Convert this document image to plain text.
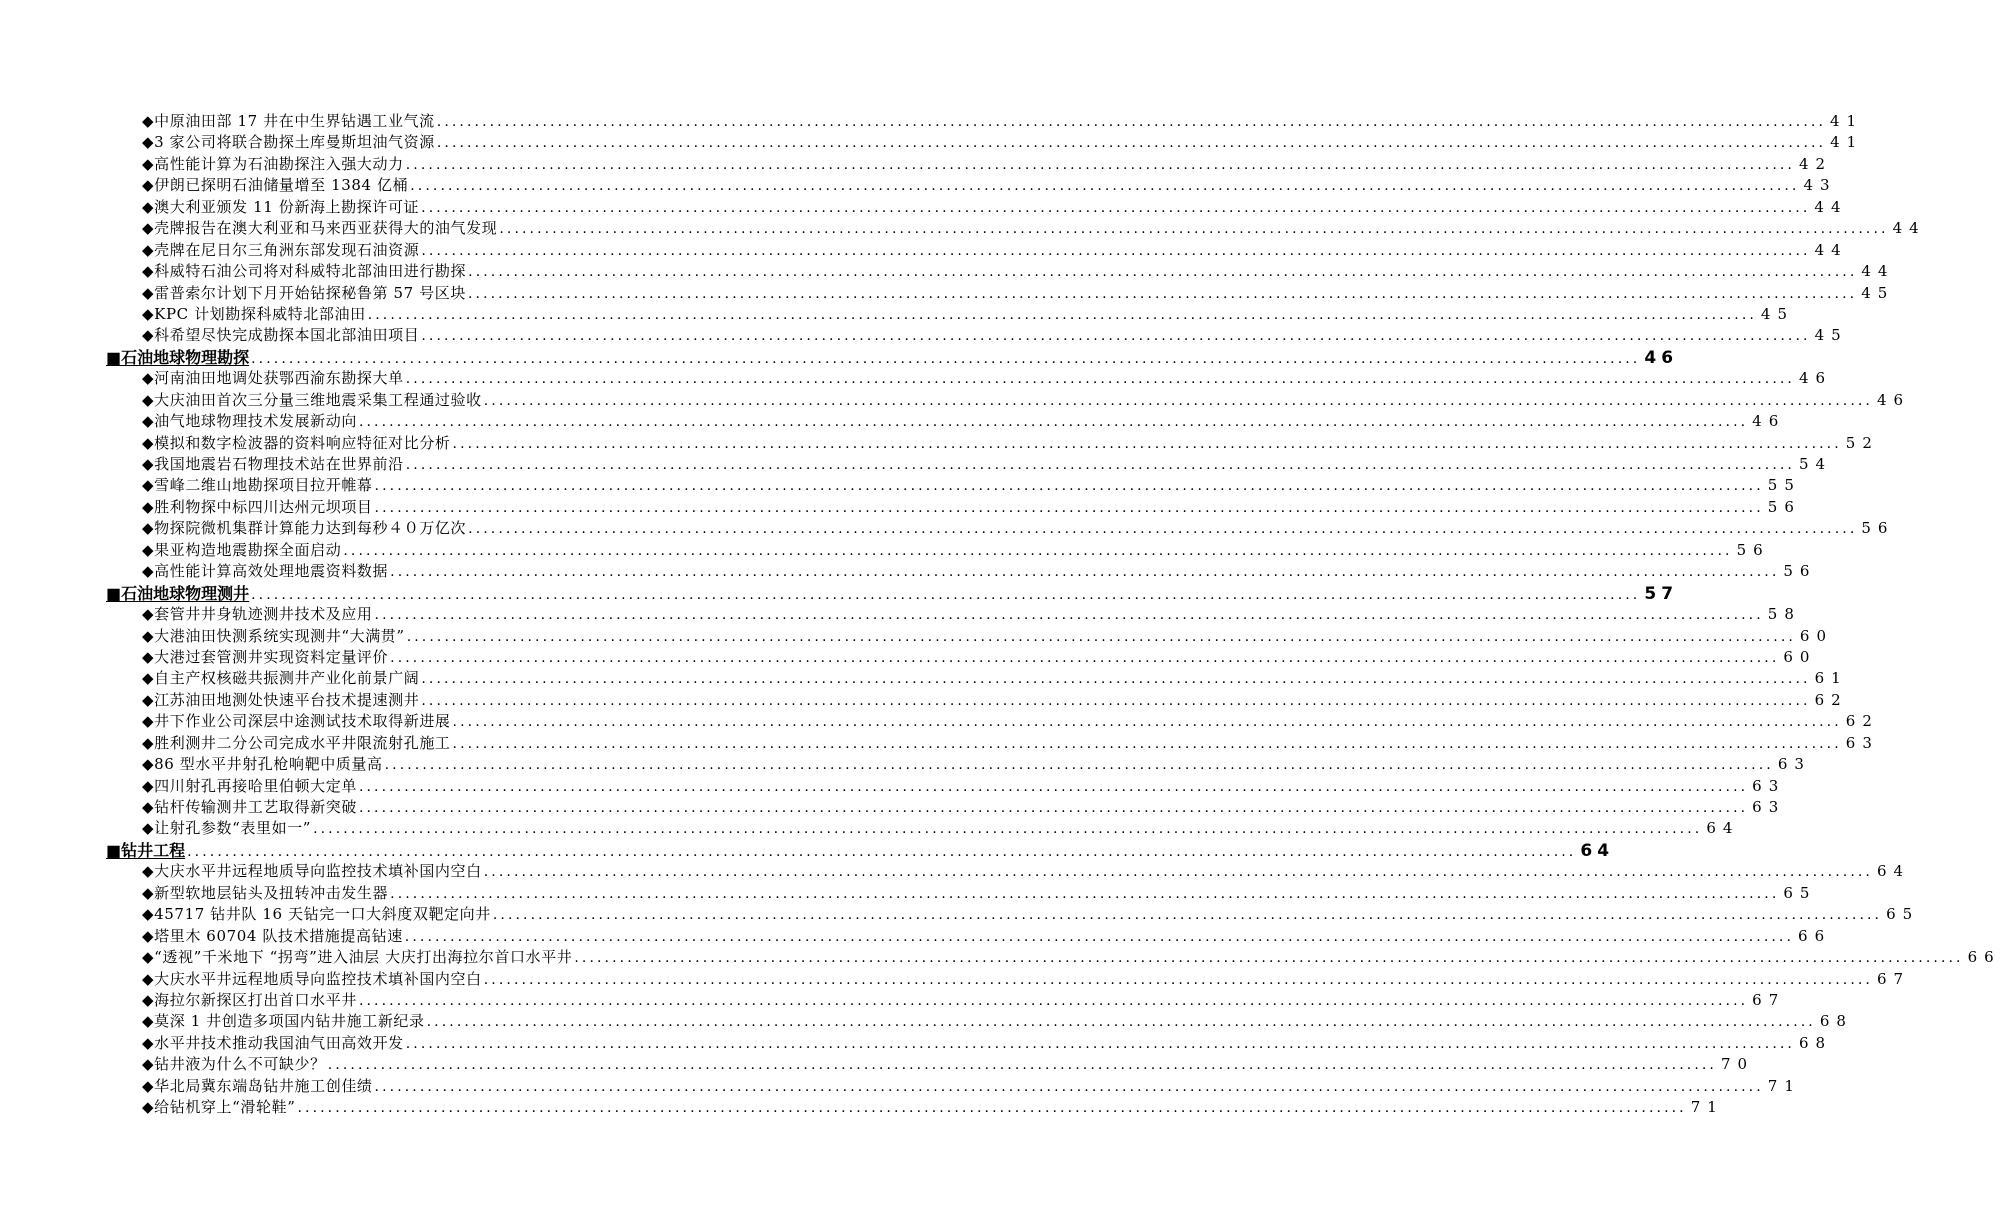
◆中原油田部 17 井在中生界钻遇工业气流 .....	41
◆3 家公司将联合勘探土库曼斯坦油气资源 .....	41
◆高性能计算为石油勘探注入强大动力 .....	42
◆伊朗已探明石油储量增至 1384 亿桶 .....	43
◆澳大利亚颁发 11 份新海上勘探许可证 .....	44
◆壳牌报告在澳大利亚和马来西亚获得大的油气发现 .....	44
◆壳牌在尼日尔三角洲东部发现石油资源 .....	44
◆科威特石油公司将对科威特北部油田进行勘探 .....	44
◆雷普索尔计划下月开始钻探秘鲁第 57 号区块 .....	45
◆KPC 计划勘探科威特北部油田 .....	45
◆科希望尽快完成勘探本国北部油田项目 .....	45
■石油地球物理勘探 .....	46
◆河南油田地调处获鄂西渝东勘探大单 .....	46
◆大庆油田首次三分量三维地震采集工程通过验收 .....	46
◆油气地球物理技术发展新动向 .....	46
◆模拟和数字检波器的资料响应特征对比分析 .....	52
◆我国地震岩石物理技术站在世界前沿 .....	54
◆雪峰二维山地勘探项目拉开帷幕 .....	55
◆胜利物探中标四川达州元坝项目 .....	56
◆物探院微机集群计算能力达到每秒４０万亿次 .....	56
◆果亚构造地震勘探全面启动 .....	56
◆高性能计算高效处理地震资料数据 .....	56
■石油地球物理测井 .....	57
◆套管井井身轨迹测井技术及应用 .....	58
◆大港油田快测系统实现测井“大满贯” .....	60
◆大港过套管测井实现资料定量评价 .....	60
◆自主产权核磁共振测井产业化前景广阔 .....	61
◆江苏油田地测处快速平台技术提速测井 .....	62
◆井下作业公司深层中途测试技术取得新进展 .....	62
◆胜利测井二分公司完成水平井限流射孔施工 .....	63
◆86 型水平井射孔枪响靶中质量高 .....	63
◆四川射孔再接哈里伯顿大定单 .....	63
◆钻杆传输测井工艺取得新突破 .....	63
◆让射孔参数“表里如一” .....	64
■钻井工程 .....	64
◆大庆水平井远程地质导向监控技术填补国内空白 .....	64
◆新型软地层钻头及扭转冲击发生器 .....	65
◆45717 钻井队 16 天钻完一口大斜度双靶定向井 .....	65
◆塔里木 60704 队技术措施提高钻速 .....	66
◆“透视”千米地下 “拐弯”进入油层 大庆打出海拉尔首口水平井 .....	66
◆大庆水平井远程地质导向监控技术填补国内空白 .....	67
◆海拉尔新探区打出首口水平井 .....	67
◆莫深 1 井创造多项国内钻井施工新纪录 .....	68
◆水平井技术推动我国油气田高效开发 .....	68
◆钻井液为什么不可缺少？ .....	70
◆华北局冀东端岛钻井施工创佳绩 .....	71
◆给钻机穿上“滑轮鞋” .....	71
